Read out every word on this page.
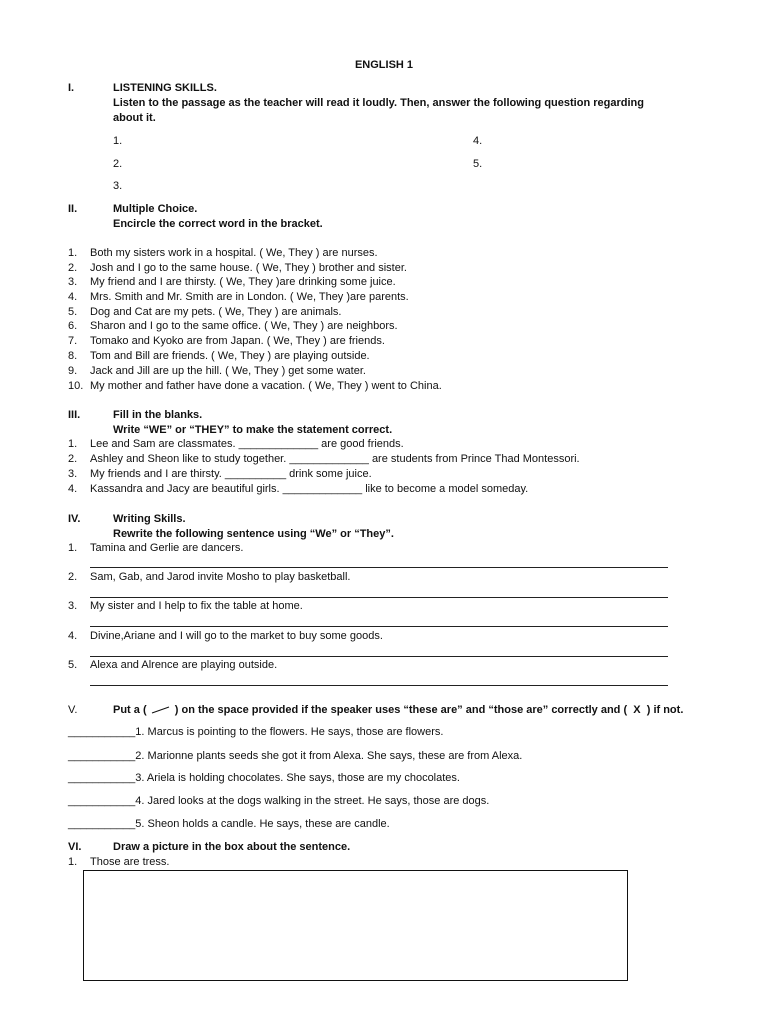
ENGLISH 1
I.	LISTENING SKILLS.
Listen to the passage as the teacher will read it loudly. Then, answer the following question regarding
about it.
1.
2.
3.
4.
5.
II.	Multiple Choice.
Encircle the correct word in the bracket.
1. Both my sisters work in a hospital. ( We, They ) are nurses.
2. Josh and I go to the same house. ( We, They ) brother and sister.
3. My friend and I are thirsty. ( We, They )are drinking some juice.
4. Mrs. Smith and Mr. Smith are in London. ( We, They )are parents.
5. Dog and Cat are my pets. ( We, They ) are animals.
6. Sharon and I go to the same office. ( We, They ) are neighbors.
7. Tomako and Kyoko are from Japan. ( We, They ) are friends.
8. Tom and Bill are friends. ( We, They ) are playing outside.
9. Jack and Jill are up the hill. ( We, They ) get some water.
10. My mother and father have done a vacation. ( We, They ) went to China.
III.	Fill in the blanks.
Write “WE” or “THEY” to make the statement correct.
1. Lee and Sam are classmates. _____________ are good friends.
2. Ashley and Sheon like to study together. _____________ are students from Prince Thad Montessori.
3. My friends and I are thirsty. __________ drink some juice.
4. Kassandra and Jacy are beautiful girls. _____________ like to become a model someday.
IV.	Writing Skills.
Rewrite the following sentence using “We” or “They”.
1. Tamina and Gerlie are dancers.
2. Sam, Gab, and Jarod invite Mosho to play basketball.
3. My sister and I help to fix the table at home.
4. Divine,Ariane and I will go to the market to buy some goods.
5. Alexa and Alrence are playing outside.
V.	Put a (	) on the space provided if the speaker uses “these are” and “those are” correctly and ( X ) if not.
___________1. Marcus is pointing to the flowers. He says, those are flowers.
___________2. Marionne plants seeds she got it from Alexa. She says, these are from Alexa.
___________3. Ariela is holding chocolates. She says, those are my chocolates.
___________4. Jared looks at the dogs walking in the street. He says, those are dogs.
___________5. Sheon holds a candle. He says, these are candle.
VI.	Draw a picture in the box about the sentence.
1. Those are tress.
